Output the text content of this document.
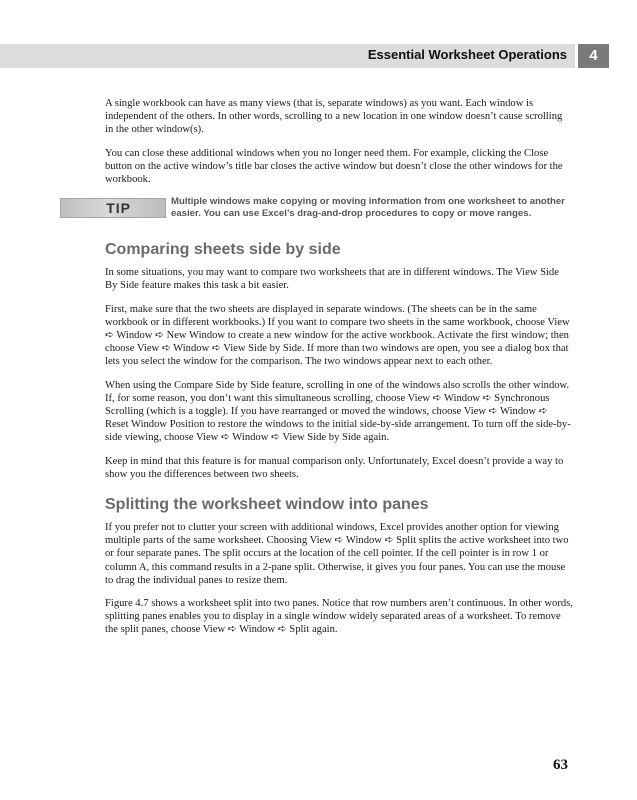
Essential Worksheet Operations	4

A single workbook can have as many views (that is, separate windows) as you want. Each window is independent of the others. In other words, scrolling to a new location in one window doesn’t cause scrolling in the other window(s).

You can close these additional windows when you no longer need them. For example, clicking the Close button on the active window’s title bar closes the active window but doesn’t close the other windows for the workbook.

TIP	Multiple windows make copying or moving information from one worksheet to another easier. You can use Excel’s drag-and-drop procedures to copy or move ranges.
Comparing sheets side by side

In some situations, you may want to compare two worksheets that are in different windows. The View Side By Side feature makes this task a bit easier.

First, make sure that the two sheets are displayed in separate windows. (The sheets can be in the same workbook or in different workbooks.) If you want to compare two sheets in the same workbook, choose View ➪ Window ➪ New Window to create a new window for the active workbook. Activate the first window; then choose View ➪ Window ➪ View Side by Side. If more than two windows are open, you see a dialog box that lets you select the window for the comparison. The two windows appear next to each other.

When using the Compare Side by Side feature, scrolling in one of the windows also scrolls the other window. If, for some reason, you don’t want this simultaneous scrolling, choose View ➪ Window ➪ Synchronous Scrolling (which is a toggle). If you have rearranged or moved the windows, choose View ➪ Window ➪ Reset Window Position to restore the windows to the initial side-by-side arrangement. To turn off the side-by-side viewing, choose View ➪ Window ➪ View Side by Side again.

Keep in mind that this feature is for manual comparison only. Unfortunately, Excel doesn’t provide a way to show you the differences between two sheets.

Splitting the worksheet window into panes

If you prefer not to clutter your screen with additional windows, Excel provides another option for viewing multiple parts of the same worksheet. Choosing View ➪ Window ➪ Split splits the active worksheet into two or four separate panes. The split occurs at the location of the cell pointer. If the cell pointer is in row 1 or column A, this command results in a 2-pane split. Otherwise, it gives you four panes. You can use the mouse to drag the individual panes to resize them.

Figure 4.7 shows a worksheet split into two panes. Notice that row numbers aren’t continuous. In other words, splitting panes enables you to display in a single window widely separated areas of a worksheet. To remove the split panes, choose View ➪ Window ➪ Split again.

63
